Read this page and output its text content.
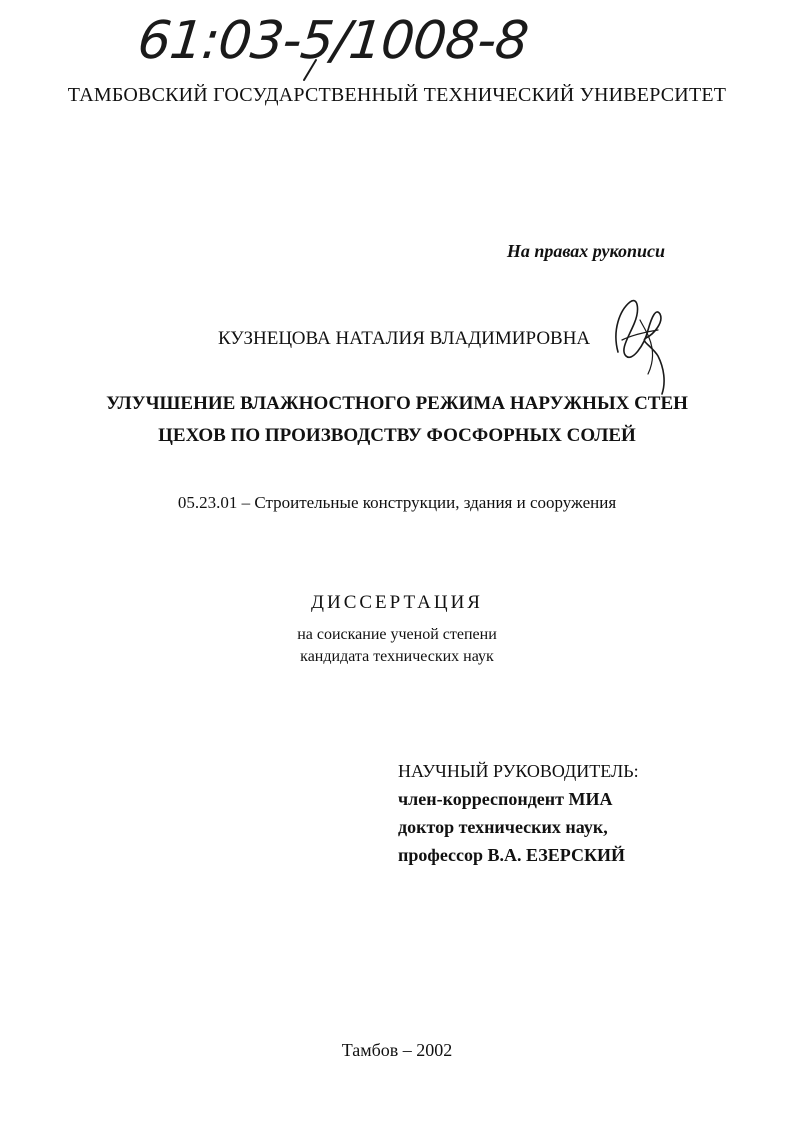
61:03-5/1008-8
ТАМБОВСКИЙ ГОСУДАРСТВЕННЫЙ ТЕХНИЧЕСКИЙ УНИВЕРСИТЕТ
На правах рукописи
КУЗНЕЦОВА НАТАЛИЯ ВЛАДИМИРОВНА
УЛУЧШЕНИЕ ВЛАЖНОСТНОГО РЕЖИМА НАРУЖНЫХ СТЕН
ЦЕХОВ ПО ПРОИЗВОДСТВУ ФОСФОРНЫХ СОЛЕЙ
05.23.01 – Строительные конструкции, здания и сооружения
ДИССЕРТАЦИЯ
на соискание ученой степени
кандидата технических наук
НАУЧНЫЙ РУКОВОДИТЕЛЬ:
член-корреспондент МИА
доктор технических наук,
профессор В.А. ЕЗЕРСКИЙ
Тамбов – 2002
